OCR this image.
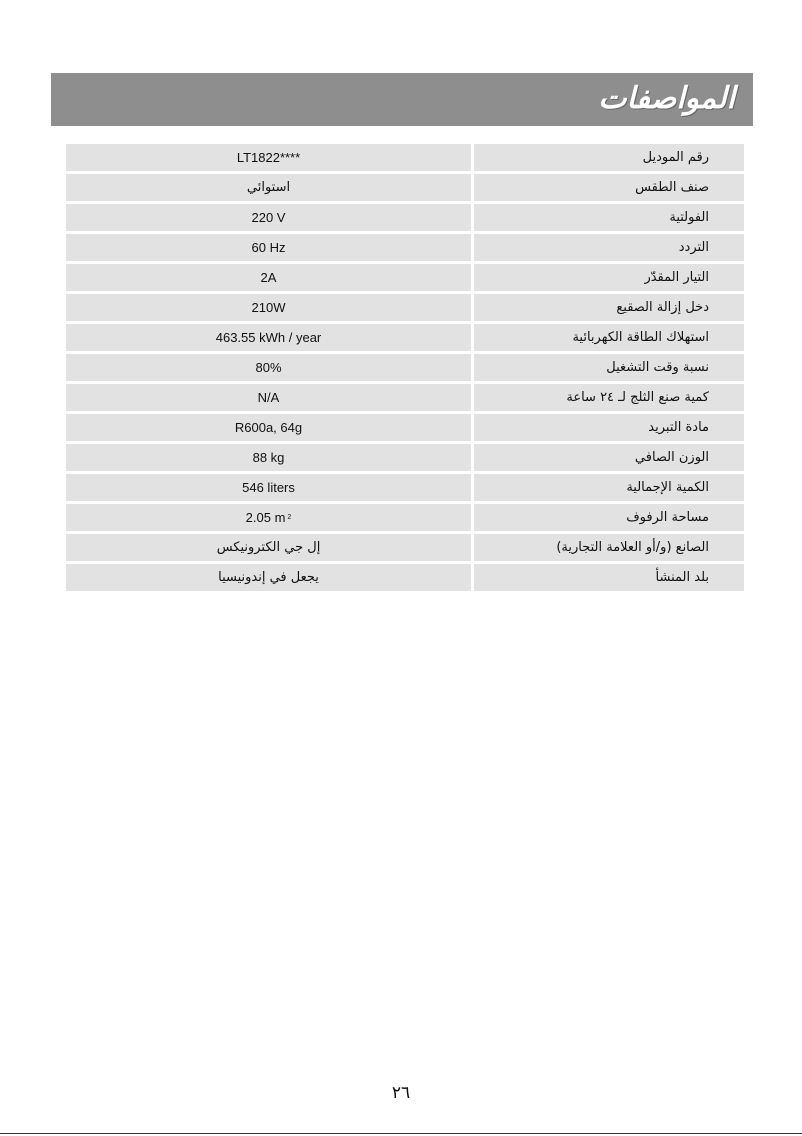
المواصفات
LT1822****	رقم الموديل
استوائي	صنف الطقس
220 V	الفولتية
60 Hz	التردد
2A	التيار المقدّر
210W	دخل إزالة الصقيع
463.55 kWh / year	استهلاك الطاقة الكهربائية
80%	نسبة وقت التشغيل
N/A	كمية صنع الثلج لـ ٢٤ ساعة
R600a, 64g	مادة التبريد
88 kg	الوزن الصافي
546 liters	الكمية الإجمالية
2.05 m 2	مساحة الرفوف
إل جي الكترونيكس	الصانع (و/أو العلامة التجارية)
يجعل في إندونيسيا	بلد المنشأ
٢٦
